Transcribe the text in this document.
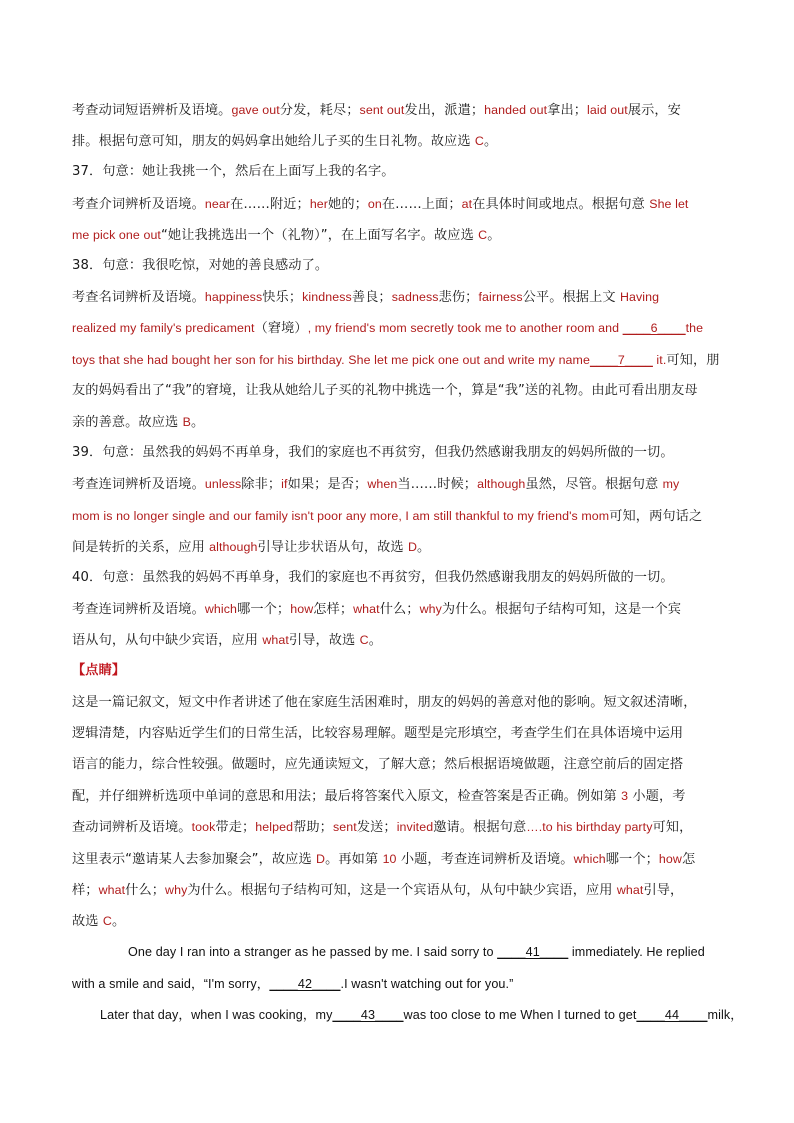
考查动词短语辨析及语境。gave out分发，耗尽；sent out发出，派遣；handed out拿出；laid out展示，安
排。根据句意可知，朋友的妈妈拿出她给儿子买的生日礼物。故应选 C。
37．句意：她让我挑一个，然后在上面写上我的名字。
考查介词辨析及语境。near在……附近；her她的；on在……上面；at在具体时间或地点。根据句意 She let
me pick one out“她让我挑选出一个（礼物）”，在上面写名字。故应选 C。
38．句意：我很吃惊，对她的善良感动了。
考查名词辨析及语境。happiness快乐；kindness善良；sadness悲伤；fairness公平。根据上文 Having
realized my family's predicament（窘境）, my friend's mom secretly took me to another room and ____6____the
toys that she had bought her son for his birthday. She let me pick one out and write my name____7____ it.可知，朋
友的妈妈看出了“我”的窘境，让我从她给儿子买的礼物中挑选一个，算是“我”送的礼物。由此可看出朋友母
亲的善意。故应选 B。
39．句意：虽然我的妈妈不再单身，我们的家庭也不再贫穷，但我仍然感谢我朋友的妈妈所做的一切。
考查连词辨析及语境。unless除非；if如果；是否；when当……时候；although虽然，尽管。根据句意 my
mom is no longer single and our family isn't poor any more, I am still thankful to my friend's mom可知，两句话之
间是转折的关系，应用 although引导让步状语从句，故选 D。
40．句意：虽然我的妈妈不再单身，我们的家庭也不再贫穷，但我仍然感谢我朋友的妈妈所做的一切。
考查连词辨析及语境。which哪一个；how怎样；what什么；why为什么。根据句子结构可知，这是一个宾
语从句，从句中缺少宾语，应用 what引导，故选 C。
【点睛】
这是一篇记叙文，短文中作者讲述了他在家庭生活困难时，朋友的妈妈的善意对他的影响。短文叙述清晰，
逻辑清楚，内容贴近学生们的日常生活，比较容易理解。题型是完形填空，考查学生们在具体语境中运用
语言的能力，综合性较强。做题时，应先通读短文，了解大意；然后根据语境做题，注意空前后的固定搭
配，并仔细辨析选项中单词的意思和用法；最后将答案代入原文，检查答案是否正确。例如第 3 小题，考
查动词辨析及语境。took带走；helped帮助；sent发送；invited邀请。根据句意….to his birthday party可知，
这里表示“邀请某人去参加聚会”，故应选 D。再如第 10 小题，考查连词辨析及语境。which哪一个；how怎
样；what什么；why为什么。根据句子结构可知，这是一个宾语从句，从句中缺少宾语，应用 what引导，
故选 C。
One day I ran into a stranger as he passed by me. I said sorry to ____41____ immediately. He replied
with a smile and said，“I'm sorry，____42____.I wasn't watching out for you.”
Later that day，when I was cooking，my____43____was too close to me When I turned to get____44____milk，
